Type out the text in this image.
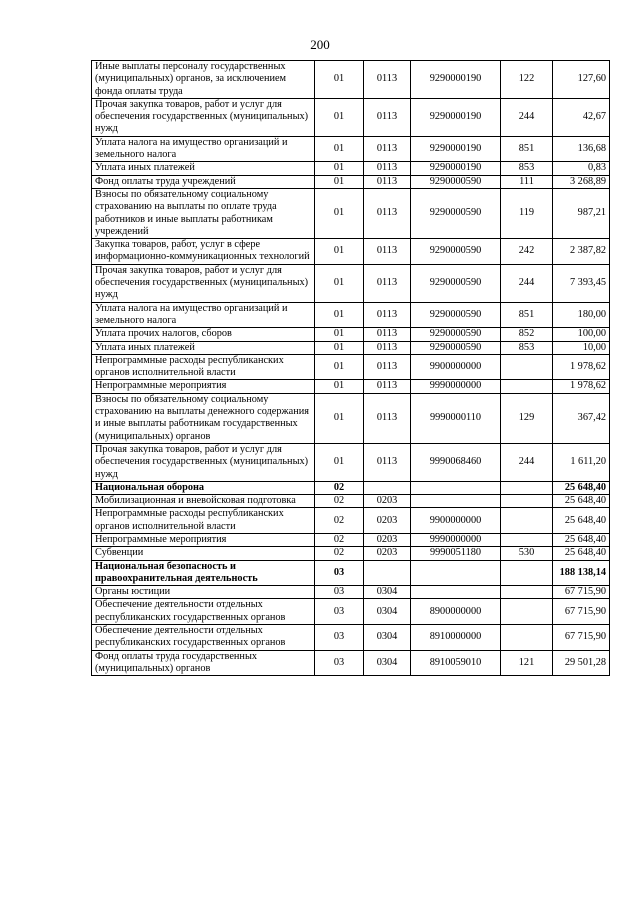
200
Иные выплаты персоналу государственных (муниципальных) органов, за исключением фонда оплаты труда	01	0113	9290000190	122	127,60
Прочая закупка товаров, работ и услуг для обеспечения государственных (муниципальных) нужд	01	0113	9290000190	244	42,67
Уплата налога на имущество организаций и земельного налога	01	0113	9290000190	851	136,68
Уплата иных платежей	01	0113	9290000190	853	0,83
Фонд оплаты труда учреждений	01	0113	9290000590	111	3 268,89
Взносы по обязательному социальному страхованию на выплаты по оплате труда работников и иные выплаты работникам учреждений	01	0113	9290000590	119	987,21
Закупка товаров, работ, услуг в сфере информационно-коммуникационных технологий	01	0113	9290000590	242	2 387,82
Прочая закупка товаров, работ и услуг для обеспечения государственных (муниципальных) нужд	01	0113	9290000590	244	7 393,45
Уплата налога на имущество организаций и земельного налога	01	0113	9290000590	851	180,00
Уплата прочих налогов, сборов	01	0113	9290000590	852	100,00
Уплата иных платежей	01	0113	9290000590	853	10,00
Непрограммные расходы республиканских органов исполнительной власти	01	0113	9900000000		1 978,62
Непрограммные мероприятия	01	0113	9990000000		1 978,62
Взносы по обязательному социальному страхованию на выплаты денежного содержания и иные выплаты работникам государственных (муниципальных) органов	01	0113	9990000110	129	367,42
Прочая закупка товаров, работ и услуг для обеспечения государственных (муниципальных) нужд	01	0113	9990068460	244	1 611,20
Национальная оборона	02				25 648,40
Мобилизационная и вневойсковая подготовка	02	0203			25 648,40
Непрограммные расходы республиканских органов исполнительной власти	02	0203	9900000000		25 648,40
Непрограммные мероприятия	02	0203	9990000000		25 648,40
Субвенции	02	0203	9990051180	530	25 648,40
Национальная безопасность и правоохранительная деятельность	03				188 138,14
Органы юстиции	03	0304			67 715,90
Обеспечение деятельности отдельных республиканских государственных органов	03	0304	8900000000		67 715,90
Обеспечение деятельности отдельных республиканских государственных органов	03	0304	8910000000		67 715,90
Фонд оплаты труда государственных (муниципальных) органов	03	0304	8910059010	121	29 501,28
